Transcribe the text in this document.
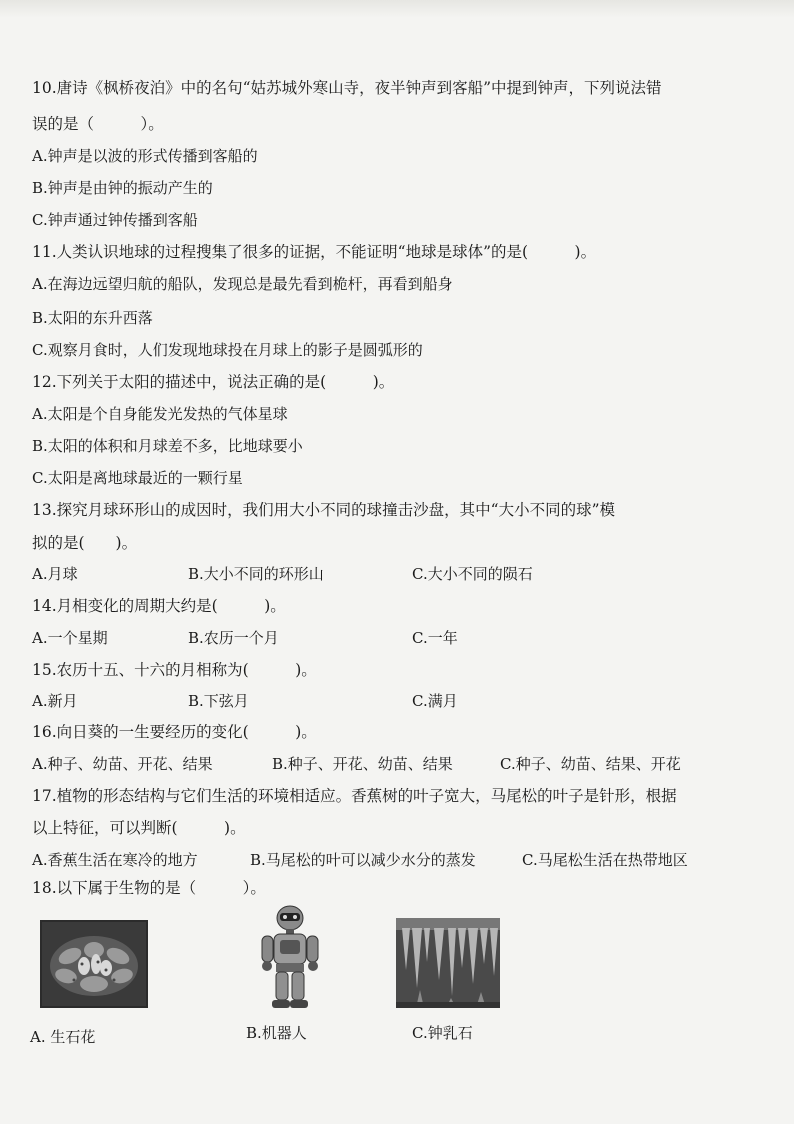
10.唐诗《枫桥夜泊》中的名句“姑苏城外寒山寺，夜半钟声到客船”中提到钟声，下列说法错
误的是（　　　）。
A.钟声是以波的形式传播到客船的
B.钟声是由钟的振动产生的
C.钟声通过钟传播到客船
11.人类认识地球的过程搜集了很多的证据，不能证明“地球是球体”的是(　　　)。
A.在海边远望归航的船队，发现总是最先看到桅杆，再看到船身
B.太阳的东升西落
C.观察月食时，人们发现地球投在月球上的影子是圆弧形的
12.下列关于太阳的描述中，说法正确的是(　　　)。
A.太阳是个自身能发光发热的气体星球
B.太阳的体积和月球差不多，比地球要小
C.太阳是离地球最近的一颗行星
13.探究月球环形山的成因时，我们用大小不同的球撞击沙盘，其中“大小不同的球”模
拟的是(　　)。
A.月球	B.大小不同的环形山	C.大小不同的陨石
14.月相变化的周期大约是(　　　)。
A.一个星期	B.农历一个月	C.一年
15.农历十五、十六的月相称为(　　　)。
A.新月	B.下弦月	C.满月
16.向日葵的一生要经历的变化(　　　)。
A.种子、幼苗、开花、结果	B.种子、开花、幼苗、结果	C.种子、幼苗、结果、开花
17.植物的形态结构与它们生活的环境相适应。香蕉树的叶子宽大，马尾松的叶子是针形，根据
以上特征，可以判断(　　　)。
A.香蕉生活在寒冷的地方	B.马尾松的叶可以减少水分的蒸发	C.马尾松生活在热带地区
18.以下属于生物的是（　　　）。
A. 生石花	B.机器人	C.钟乳石
